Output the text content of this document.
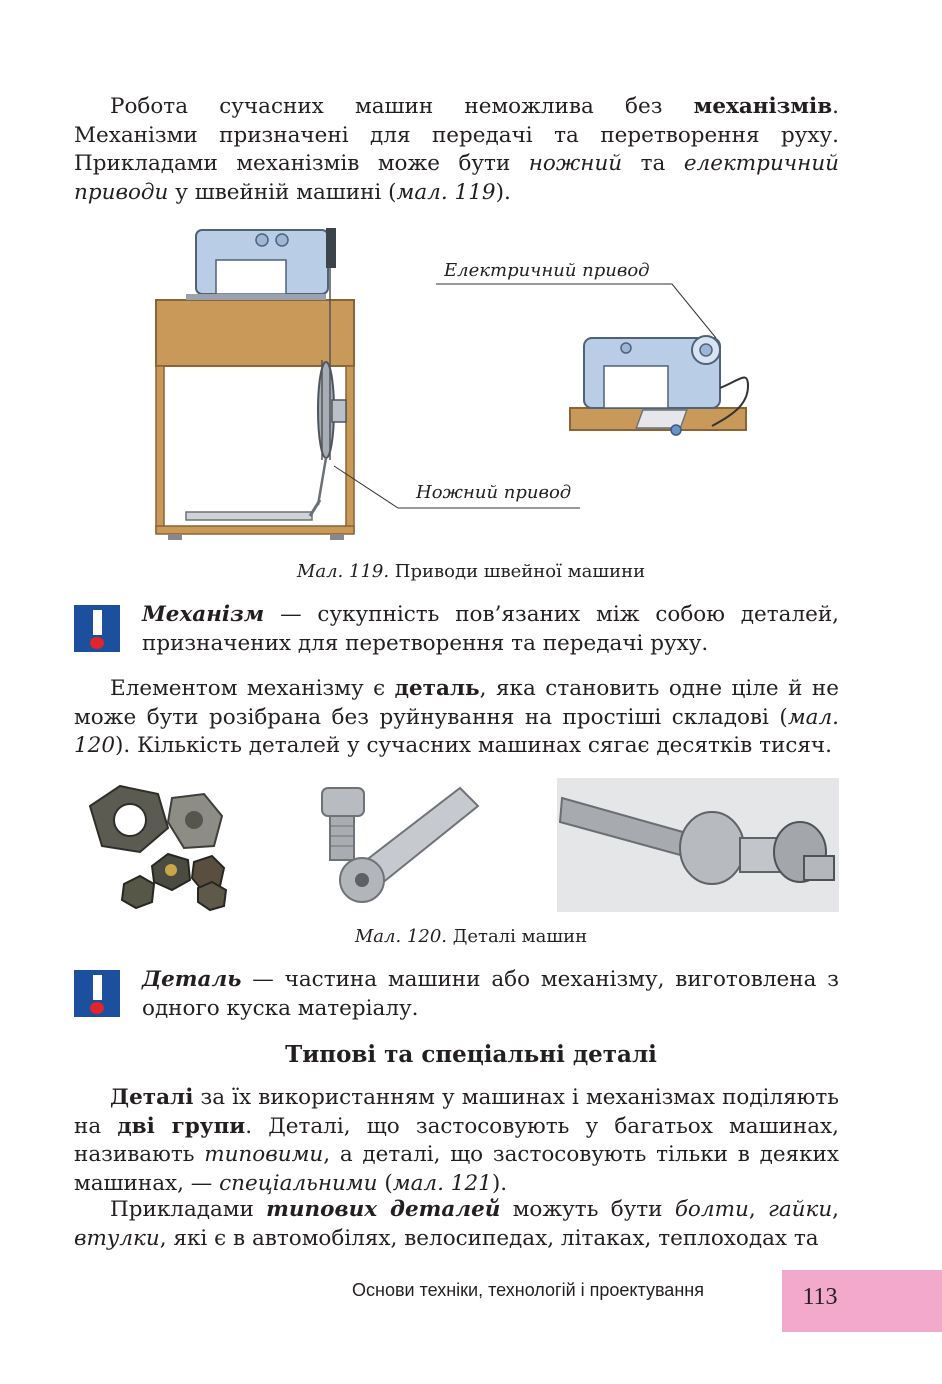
Робота сучасних машин неможлива без механізмів. Механізми призначені для передачі та перетворення руху. Прикладами механізмів може бути ножний та електричний приводи у швейній машині (мал. 119).

Електричний привод
Ножний привод
Мал. 119. Приводи швейної машини
Механізм — сукупність пов’язаних між собою деталей, призначених для перетворення та передачі руху.

Елементом механізму є деталь, яка становить одне ціле й не може бути розібрана без руйнування на простіші складові (мал. 120). Кількість деталей у сучасних машинах сягає десятків тисяч.

Мал. 120. Деталі машин
Деталь — частина машини або механізму, виготовлена з одного куска матеріалу.
Типові та спеціальні деталі

Деталі за їх використанням у машинах і механізмах поділяють на дві групи. Деталі, що застосовують у багатьох машинах, називають типовими, а деталі, що застосовують тільки в деяких машинах, — спеціальними (мал. 121).

Прикладами типових деталей можуть бути болти, гайки, втулки, які є в автомобілях, велосипедах, літаках, теплоходах та

Основи техніки, технологій і проектування	113
